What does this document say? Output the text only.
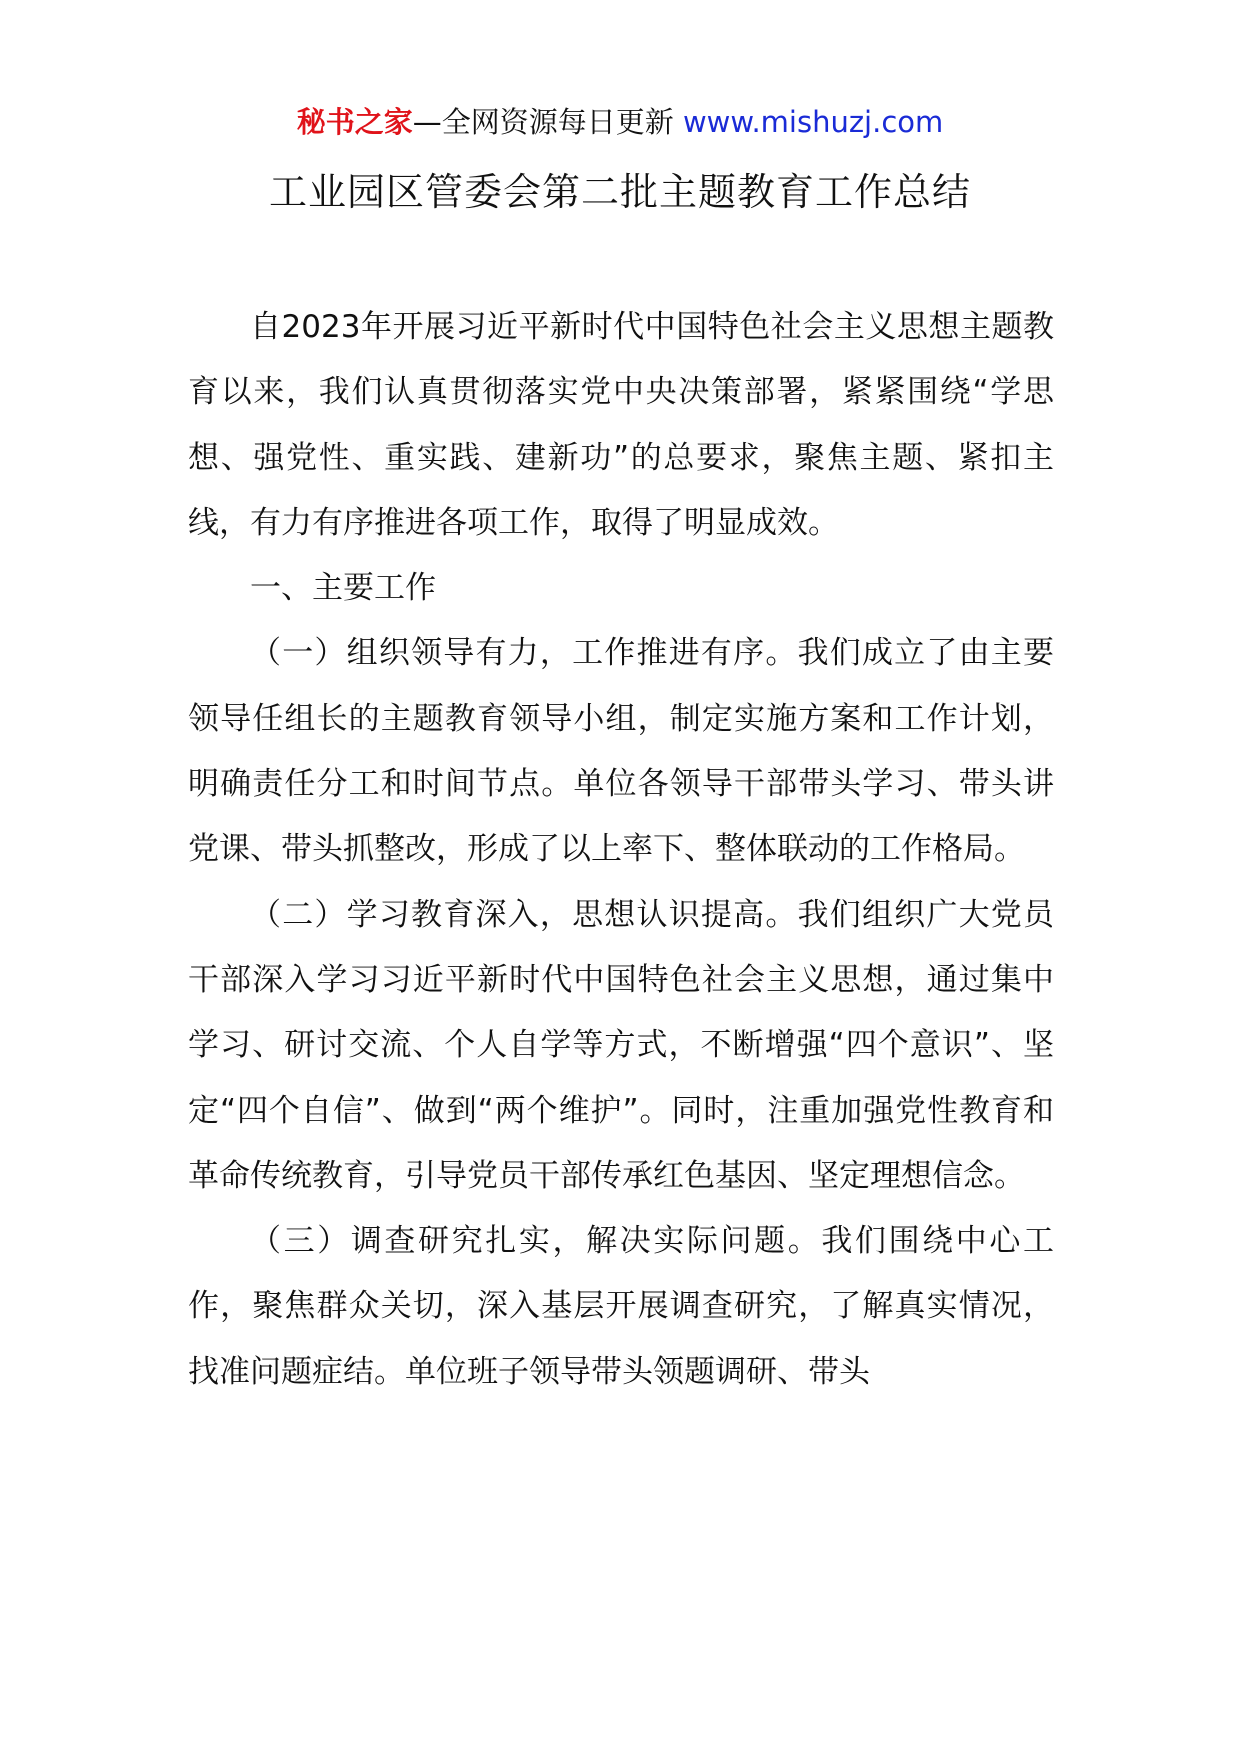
秘书之家—全网资源每日更新 www.mishuzj.com
工业园区管委会第二批主题教育工作总结

自2023年开展习近平新时代中国特色社会主义思想主题教育以来，我们认真贯彻落实党中央决策部署，紧紧围绕“学思想、强党性、重实践、建新功”的总要求，聚焦主题、紧扣主线，有力有序推进各项工作，取得了明显成效。

一、主要工作

（一）组织领导有力，工作推进有序。我们成立了由主要领导任组长的主题教育领导小组，制定实施方案和工作计划，明确责任分工和时间节点。单位各领导干部带头学习、带头讲党课、带头抓整改，形成了以上率下、整体联动的工作格局。

（二）学习教育深入，思想认识提高。我们组织广大党员干部深入学习习近平新时代中国特色社会主义思想，通过集中学习、研讨交流、个人自学等方式，不断增强“四个意识”、坚定“四个自信”、做到“两个维护”。同时，注重加强党性教育和革命传统教育，引导党员干部传承红色基因、坚定理想信念。

（三）调查研究扎实，解决实际问题。我们围绕中心工作，聚焦群众关切，深入基层开展调查研究，了解真实情况，找准问题症结。单位班子领导带头领题调研、带头
